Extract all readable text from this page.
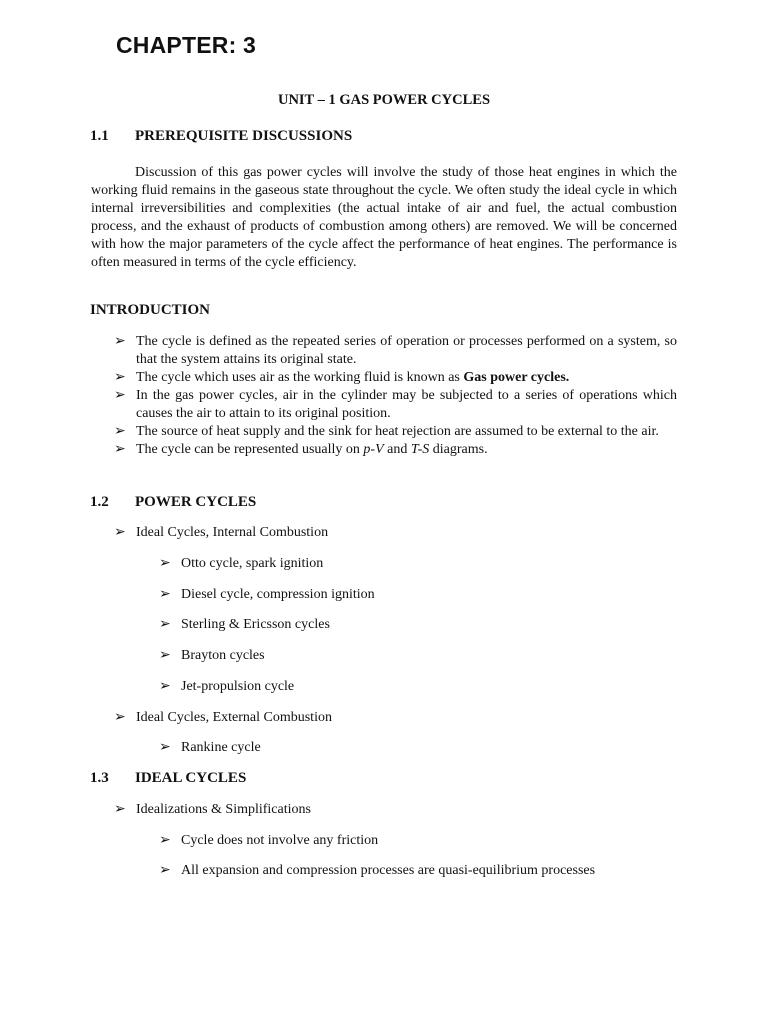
CHAPTER: 3
UNIT – 1 GAS POWER CYCLES
1.1 PREREQUISITE DISCUSSIONS
Discussion of this gas power cycles will involve the study of those heat engines in which the working fluid remains in the gaseous state throughout the cycle. We often study the ideal cycle in which internal irreversibilities and complexities (the actual intake of air and fuel, the actual combustion process, and the exhaust of products of combustion among others) are removed. We will be concerned with how the major parameters of the cycle affect the performance of heat engines. The performance is often measured in terms of the cycle efficiency.
INTRODUCTION
➢ The cycle is defined as the repeated series of operation or processes performed on a system, so that the system attains its original state.
➢ The cycle which uses air as the working fluid is known as Gas power cycles.
➢ In the gas power cycles, air in the cylinder may be subjected to a series of operations which causes the air to attain to its original position.
➢ The source of heat supply and the sink for heat rejection are assumed to be external to the air.
➢ The cycle can be represented usually on p-V and T-S diagrams.
1.2 POWER CYCLES
➢ Ideal Cycles, Internal Combustion
➢ Otto cycle, spark ignition
➢ Diesel cycle, compression ignition
➢ Sterling & Ericsson cycles
➢ Brayton cycles
➢ Jet-propulsion cycle
➢ Ideal Cycles, External Combustion
➢ Rankine cycle
1.3 IDEAL CYCLES
➢ Idealizations & Simplifications
➢ Cycle does not involve any friction
➢ All expansion and compression processes are quasi-equilibrium processes
